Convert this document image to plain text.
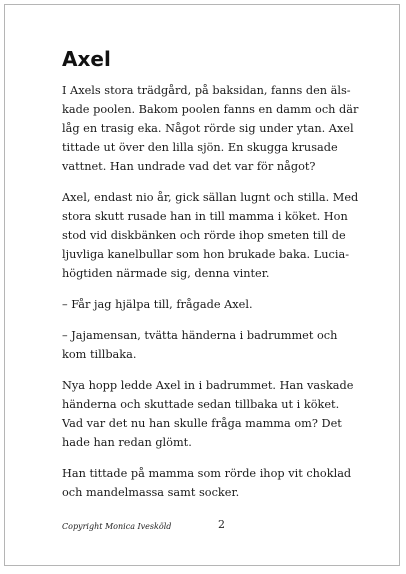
Axel

I Axels stora trädgård, på baksidan, fanns den äls-
kade poolen. Bakom poolen fanns en damm och där
låg en trasig eka. Något rörde sig under ytan. Axel
tittade ut över den lilla sjön. En skugga krusade
vattnet. Han undrade vad det var för något?

Axel, endast nio år, gick sällan lugnt och stilla. Med
stora skutt rusade han in till mamma i köket. Hon
stod vid diskbänken och rörde ihop smeten till de
ljuvliga kanelbullar som hon brukade baka. Lucia-
högtiden närmade sig, denna vinter.

– Får jag hjälpa till, frågade Axel.

– Jajamensan, tvätta händerna i badrummet och
kom tillbaka.

Nya hopp ledde Axel in i badrummet. Han vaskade
händerna och skuttade sedan tillbaka ut i köket.
Vad var det nu han skulle fråga mamma om? Det
hade han redan glömt.

Han tittade på mamma som rörde ihop vit choklad
och mandelmassa samt socker.

Copyright Monica Ivesköld	2
